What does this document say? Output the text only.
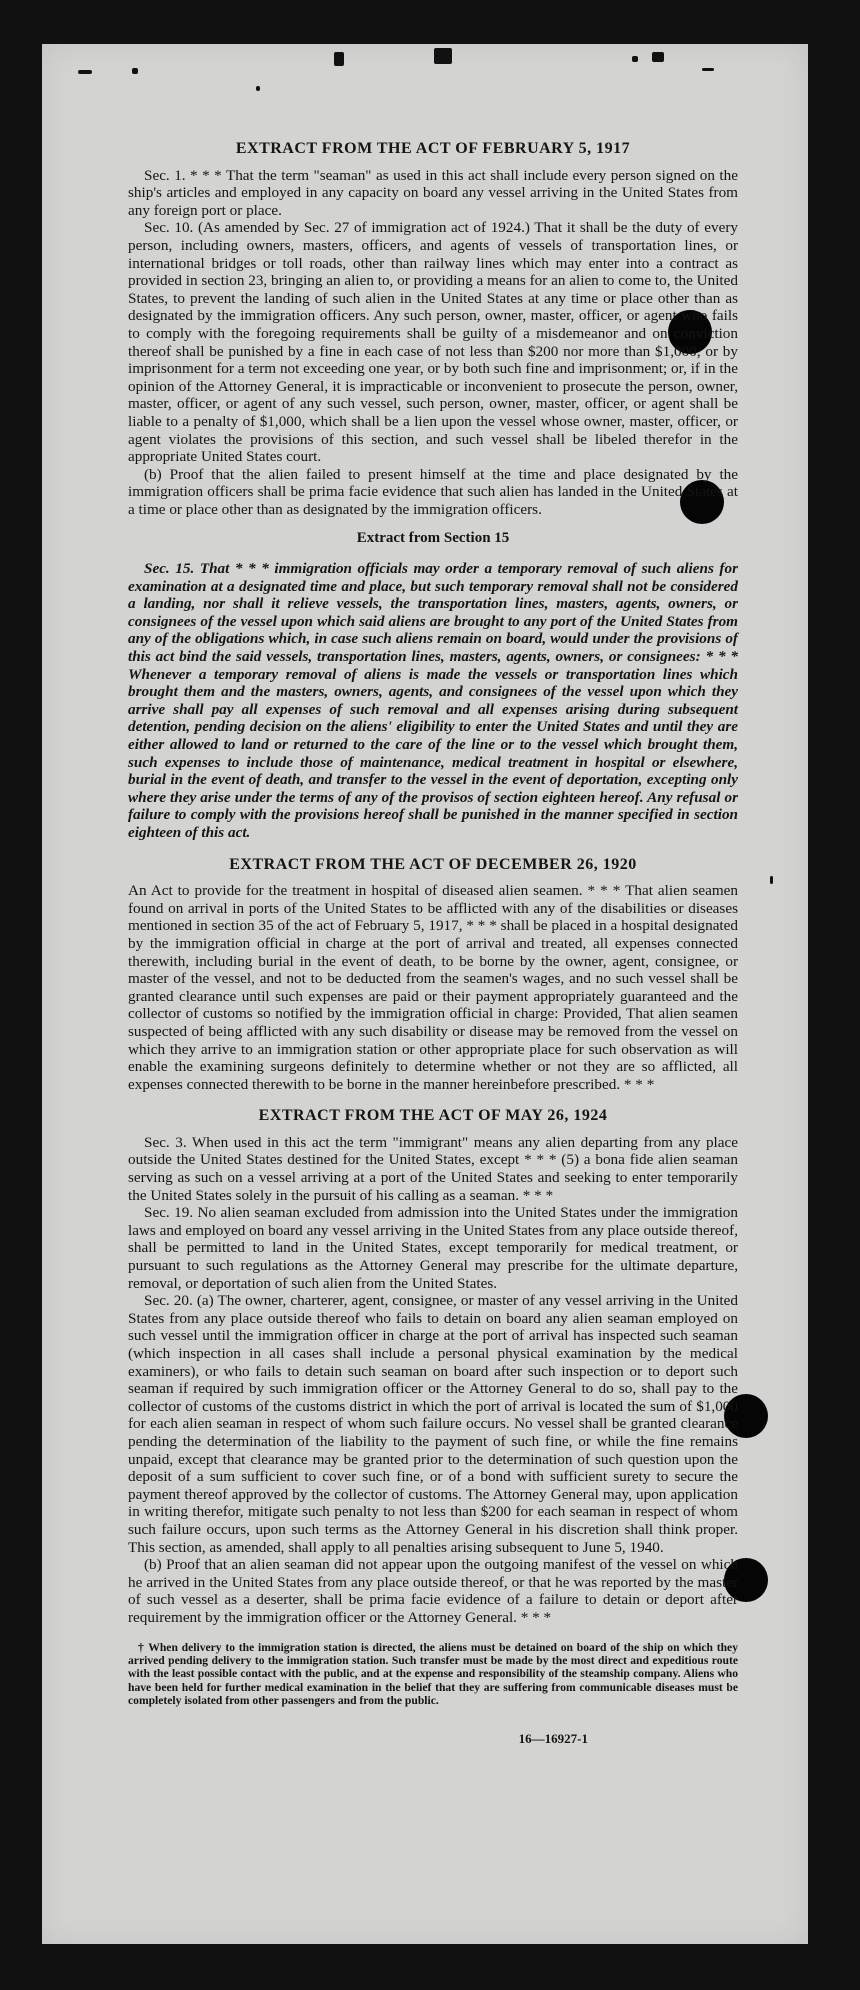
EXTRACT FROM THE ACT OF FEBRUARY 5, 1917

Sec. 1. * * * That the term "seaman" as used in this act shall include every person signed on the ship's articles and employed in any capacity on board any vessel arriving in the United States from any foreign port or place.

Sec. 10. (As amended by Sec. 27 of immigration act of 1924.) That it shall be the duty of every person, including owners, masters, officers, and agents of vessels of transportation lines, or international bridges or toll roads, other than railway lines which may enter into a contract as provided in section 23, bringing an alien to, or providing a means for an alien to come to, the United States, to prevent the landing of such alien in the United States at any time or place other than as designated by the immigration officers. Any such person, owner, master, officer, or agent who fails to comply with the foregoing requirements shall be guilty of a misdemeanor and on conviction thereof shall be punished by a fine in each case of not less than $200 nor more than $1,000, or by imprisonment for a term not exceeding one year, or by both such fine and imprisonment; or, if in the opinion of the Attorney General, it is impracticable or inconvenient to prosecute the person, owner, master, officer, or agent of any such vessel, such person, owner, master, officer, or agent shall be liable to a penalty of $1,000, which shall be a lien upon the vessel whose owner, master, officer, or agent violates the provisions of this section, and such vessel shall be libeled therefor in the appropriate United States court.

(b) Proof that the alien failed to present himself at the time and place designated by the immigration officers shall be prima facie evidence that such alien has landed in the United States at a time or place other than as designated by the immigration officers.

Extract from Section 15

Sec. 15. That * * * immigration officials may order a temporary removal of such aliens for examination at a designated time and place, but such temporary removal shall not be considered a landing, nor shall it relieve vessels, the transportation lines, masters, agents, owners, or consignees of the vessel upon which said aliens are brought to any port of the United States from any of the obligations which, in case such aliens remain on board, would under the provisions of this act bind the said vessels, transportation lines, masters, agents, owners, or consignees: * * * Whenever a temporary removal of aliens is made the vessels or transportation lines which brought them and the masters, owners, agents, and consignees of the vessel upon which they arrive shall pay all expenses of such removal and all expenses arising during subsequent detention, pending decision on the aliens' eligibility to enter the United States and until they are either allowed to land or returned to the care of the line or to the vessel which brought them, such expenses to include those of maintenance, medical treatment in hospital or elsewhere, burial in the event of death, and transfer to the vessel in the event of deportation, excepting only where they arise under the terms of any of the provisos of section eighteen hereof. Any refusal or failure to comply with the provisions hereof shall be punished in the manner specified in section eighteen of this act.

EXTRACT FROM THE ACT OF DECEMBER 26, 1920

An Act to provide for the treatment in hospital of diseased alien seamen. * * * That alien seamen found on arrival in ports of the United States to be afflicted with any of the disabilities or diseases mentioned in section 35 of the act of February 5, 1917, * * * shall be placed in a hospital designated by the immigration official in charge at the port of arrival and treated, all expenses connected therewith, including burial in the event of death, to be borne by the owner, agent, consignee, or master of the vessel, and not to be deducted from the seamen's wages, and no such vessel shall be granted clearance until such expenses are paid or their payment appropriately guaranteed and the collector of customs so notified by the immigration official in charge: Provided, That alien seamen suspected of being afflicted with any such disability or disease may be removed from the vessel on which they arrive to an immigration station or other appropriate place for such observation as will enable the examining surgeons definitely to determine whether or not they are so afflicted, all expenses connected therewith to be borne in the manner hereinbefore prescribed. * * *

EXTRACT FROM THE ACT OF MAY 26, 1924

Sec. 3. When used in this act the term "immigrant" means any alien departing from any place outside the United States destined for the United States, except * * * (5) a bona fide alien seaman serving as such on a vessel arriving at a port of the United States and seeking to enter temporarily the United States solely in the pursuit of his calling as a seaman. * * *

Sec. 19. No alien seaman excluded from admission into the United States under the immigration laws and employed on board any vessel arriving in the United States from any place outside thereof, shall be permitted to land in the United States, except temporarily for medical treatment, or pursuant to such regulations as the Attorney General may prescribe for the ultimate departure, removal, or deportation of such alien from the United States.

Sec. 20. (a) The owner, charterer, agent, consignee, or master of any vessel arriving in the United States from any place outside thereof who fails to detain on board any alien seaman employed on such vessel until the immigration officer in charge at the port of arrival has inspected such seaman (which inspection in all cases shall include a personal physical examination by the medical examiners), or who fails to detain such seaman on board after such inspection or to deport such seaman if required by such immigration officer or the Attorney General to do so, shall pay to the collector of customs of the customs district in which the port of arrival is located the sum of $1,000 for each alien seaman in respect of whom such failure occurs. No vessel shall be granted clearance pending the determination of the liability to the payment of such fine, or while the fine remains unpaid, except that clearance may be granted prior to the determination of such question upon the deposit of a sum sufficient to cover such fine, or of a bond with sufficient surety to secure the payment thereof approved by the collector of customs. The Attorney General may, upon application in writing therefor, mitigate such penalty to not less than $200 for each seaman in respect of whom such failure occurs, upon such terms as the Attorney General in his discretion shall think proper. This section, as amended, shall apply to all penalties arising subsequent to June 5, 1940.

(b) Proof that an alien seaman did not appear upon the outgoing manifest of the vessel on which he arrived in the United States from any place outside thereof, or that he was reported by the master of such vessel as a deserter, shall be prima facie evidence of a failure to detain or deport after requirement by the immigration officer or the Attorney General. * * *

† When delivery to the immigration station is directed, the aliens must be detained on board of the ship on which they arrived pending delivery to the immigration station. Such transfer must be made by the most direct and expeditious route with the least possible contact with the public, and at the expense and responsibility of the steamship company. Aliens who have been held for further medical examination in the belief that they are suffering from communicable diseases must be completely isolated from other passengers and from the public.

16—16927-1
